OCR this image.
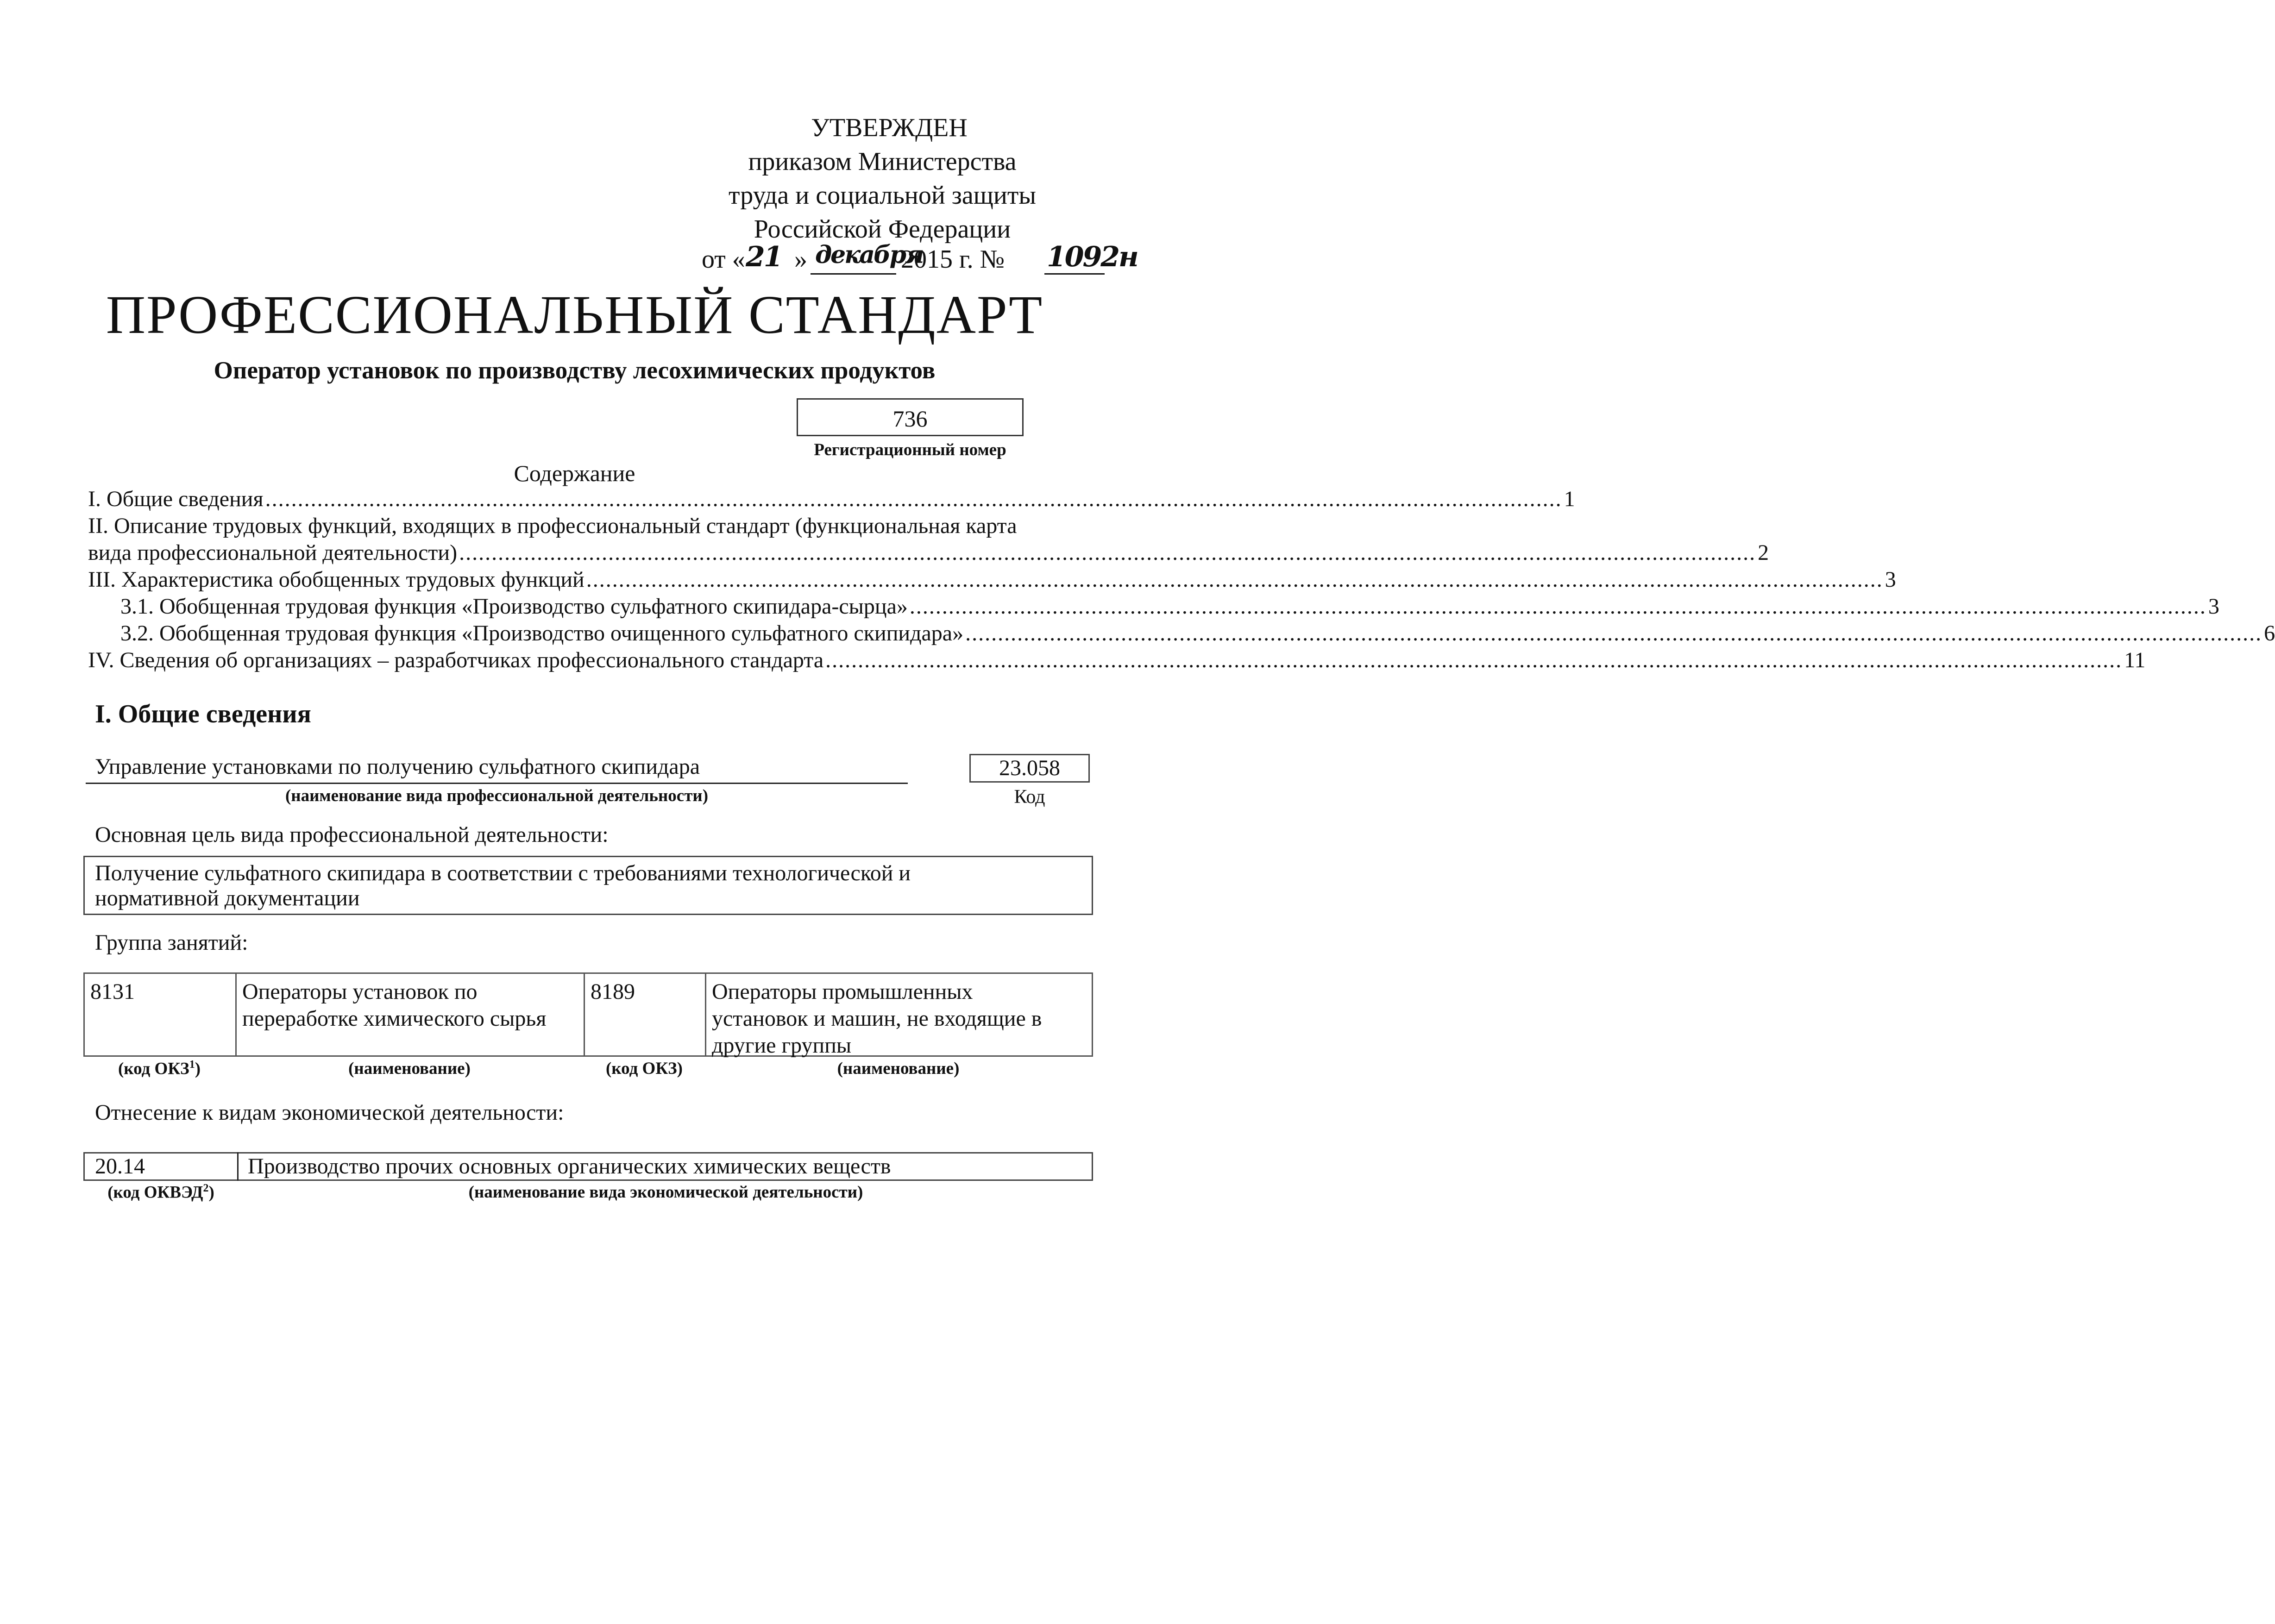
УТВЕРЖДЕН
приказом Министерства
труда и социальной защиты
Российской Федерации
от « 21 » декабря
2015 г. № 1092н
ПРОФЕССИОНАЛЬНЫЙ СТАНДАРТ
Оператор установок по производству лесохимических продуктов
736
Регистрационный номер
Содержание
I. Общие сведения ........................................................................................................................................................................................................ 1
II. Описание трудовых функций, входящих в профессиональный стандарт (функциональная карта
вида профессиональной деятельности) ........................................................................................................................................................................................................ 2
III. Характеристика обобщенных трудовых функций ........................................................................................................................................................................................................ 3
3.1. Обобщенная трудовая функция «Производство сульфатного скипидара-сырца» ........................................................................................................................................................................................................ 3
3.2. Обобщенная трудовая функция «Производство очищенного сульфатного скипидара» ........................................................................................................................................................................................................ 6
IV. Сведения об организациях – разработчиках профессионального стандарта ........................................................................................................................................................................................................ 11
I. Общие сведения
Управление установками по получению сульфатного скипидара
(наименование вида профессиональной деятельности)
23.058
Код
Основная цель вида профессиональной деятельности:
Получение сульфатного скипидара в соответствии с требованиями технологической и
нормативной документации
Группа занятий:
8131	Операторы установок по
переработке химического сырья
8189	Операторы промышленных
установок и машин, не входящие в
другие группы
(код ОКЗ$^1$)	(наименование)	(код ОКЗ)	(наименование)
Отнесение к видам экономической деятельности:
20.14	Производство прочих основных органических химических веществ
(код ОКВЭД$^2$)	(наименование вида экономической деятельности)
